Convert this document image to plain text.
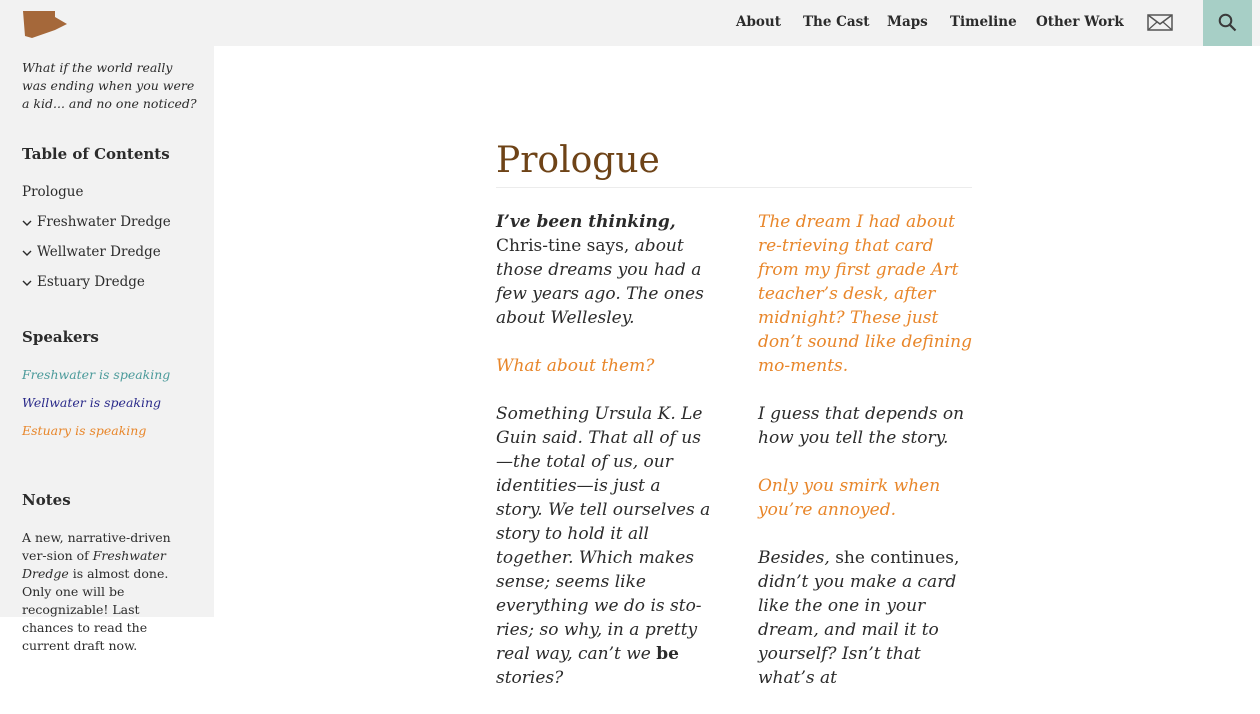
What if the world really was ending when you were a kid... and no one noticed?
Table of Contents
Prologue
Freshwater Dredge
Wellwater Dredge
Estuary Dredge
Speakers
Freshwater is speaking
Wellwater is speaking
Estuary is speaking
Notes
A new, narrative-driven ver-sion of Freshwater Dredge is almost done. Only one will be recognizable! Last chances to read the current draft now.
About The Cast Maps Timeline Other Work
Prologue

I’ve been thinking, Chris-tine says, about those dreams you had a few years ago. The ones about Wellesley.

What about them?

Something Ursula K. Le Guin said. That all of us—the total of us, our identities—is just a story. We tell ourselves a story to hold it all together. Which makes sense; seems like everything we do is sto-ries; so why, in a pretty real way, can’t we be stories?

The dream I had about re-trieving that card from my first grade Art teacher’s desk, after midnight? These just don’t sound like defining mo-ments.

I guess that depends on how you tell the story.

Only you smirk when you’re annoyed.

Besides, she continues, didn’t you make a card like the one in your dream, and mail it to yourself? Isn’t that what’s at
